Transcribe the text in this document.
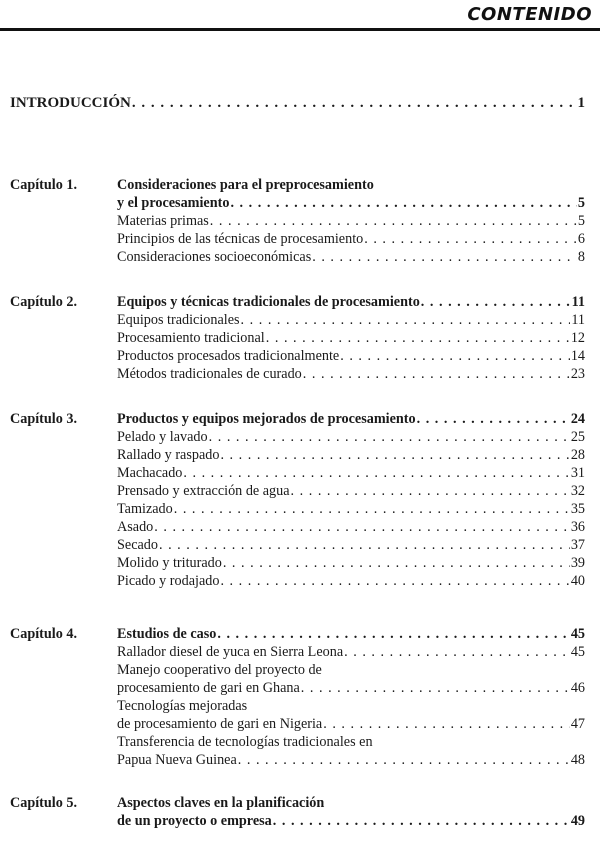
CONTENIDO
INTRODUCCIÓN . . .	1
Capítulo 1.	Consideraciones para el preprocesamiento
y el procesamiento . . .	5
Materias primas . . .	5
Principios de las técnicas de procesamiento . . .	6
Consideraciones socioeconómicas . . .	8
Capítulo 2.	Equipos y técnicas tradicionales de procesamiento . . .	11
Equipos tradicionales . . .	11
Procesamiento tradicional . . .	12
Productos procesados tradicionalmente . . .	14
Métodos tradicionales de curado . . .	23
Capítulo 3.	Productos y equipos mejorados de procesamiento . . .	24
Pelado y lavado . . .	25
Rallado y raspado . . .	28
Machacado . . .	31
Prensado y extracción de agua . . .	32
Tamizado . . .	35
Asado . . .	36
Secado . . .	37
Molido y triturado . . .	39
Picado y rodajado . . .	40
Capítulo 4.	Estudios de caso . . .	45
Rallador diesel de yuca en Sierra Leona . . .	45
Manejo cooperativo del proyecto de
procesamiento de gari en Ghana . . .	46
Tecnologías mejoradas
de procesamiento de gari en Nigeria . . .	47
Transferencia de tecnologías tradicionales en
Papua Nueva Guinea . . .	48
Capítulo 5.	Aspectos claves en la planificación
de un proyecto o empresa . . .	49
